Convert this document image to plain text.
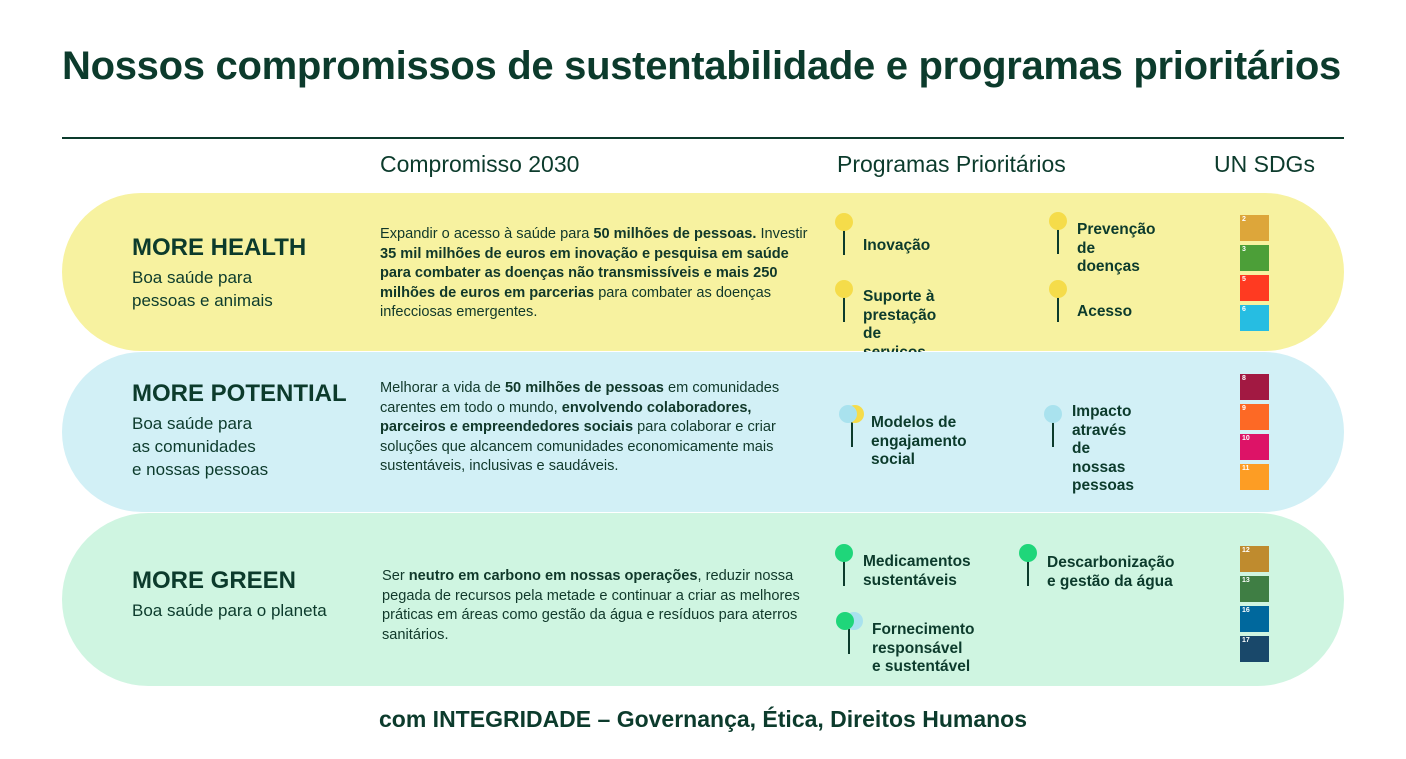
Nossos compromissos de sustentabilidade e programas prioritários
Compromisso 2030	Programas Prioritários	UN SDGs
MORE HEALTH
Boa saúde para
pessoas e animais
Expandir o acesso à saúde para 50 milhões de pessoas. Investir 35 mil milhões de euros em inovação e pesquisa em saúde para combater as doenças não transmissíveis e mais 250 milhões de euros em parcerias para combater as doenças infecciosas emergentes.
Inovação
Prevenção
de doenças
Suporte à prestação
de
Acesso
MORE POTENTIAL
Boa saúde para
as comunidades
e nossas pessoas
Melhorar a vida de 50 milhões de pessoas em comunidades carentes em todo o mundo, envolvendo colaboradores, parceiros e empreendedores sociais para colaborar e criar soluções que alcancem comunidades economicamente mais sustentáveis, inclusivas e saudáveis.
Modelos de
engajamento social
Impacto
através
de nossas
pessoas
MORE GREEN
Boa saúde para o planeta
Ser neutro em carbono em nossas operações, reduzir nossa pegada de recursos pela metade e continuar a criar as melhores práticas em áreas como gestão da água e resíduos para aterros sanitários.
Medicamentos
sustentáveis
Descarbonização
e gestão da água
Fornecimento
responsável e sustentável
com INTEGRIDADE – Governança, Ética, Direitos Humanos
2
3
5
6
8
9
10
11
12
13
16
17
